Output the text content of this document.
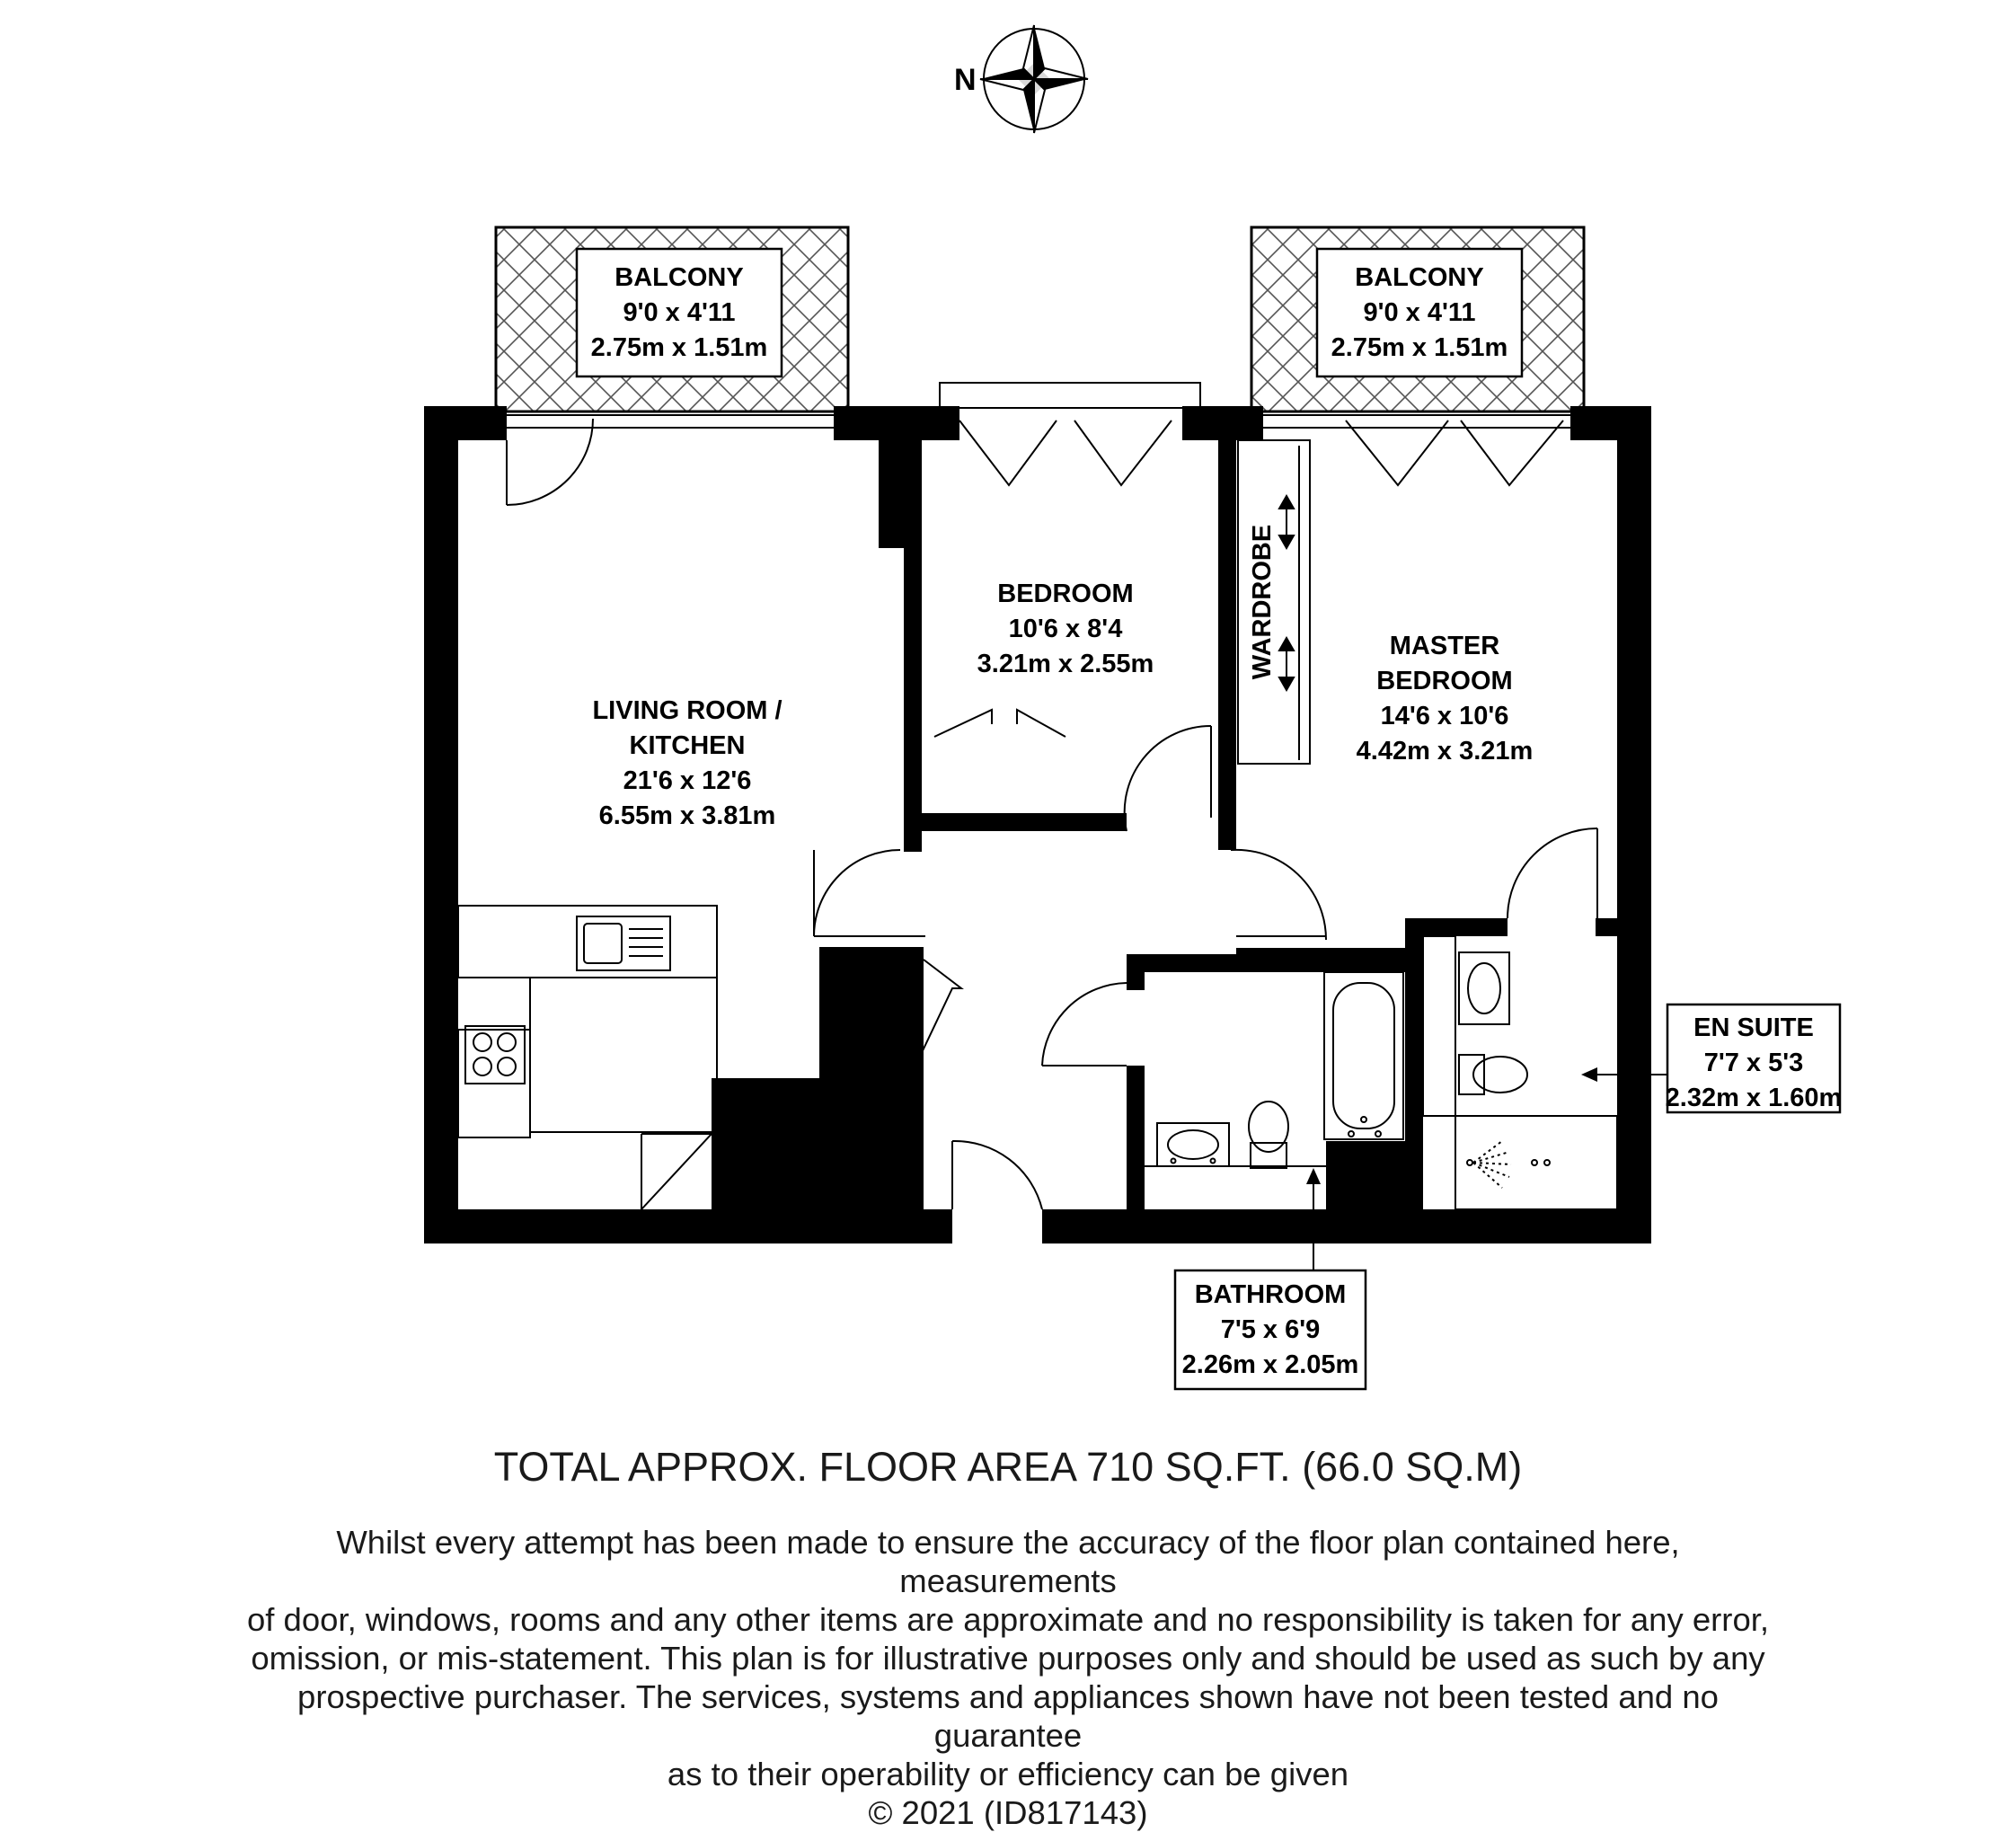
N
BALCONY
9'0 x 4'11
2.75m x 1.51m
BALCONY
9'0 x 4'11
2.75m x 1.51m
WARDROBE
BEDROOM
10'6 x 8'4
3.21m x 2.55m
LIVING ROOM /
KITCHEN
21'6 x 12'6
6.55m x 3.81m
MASTER
BEDROOM
14'6 x 10'6
4.42m x 3.21m
EN SUITE
7'7 x 5'3
2.32m x 1.60m
BATHROOM
7'5 x 6'9
2.26m x 2.05m
TOTAL APPROX. FLOOR AREA 710 SQ.FT. (66.0 SQ.M)

Whilst every attempt has been made to ensure the accuracy of the floor plan contained here, measurements

of door, windows, rooms and any other items are approximate and no responsibility is taken for any error,

omission, or mis-statement. This plan is for illustrative purposes only and should be used as such by any

prospective purchaser. The services, systems and appliances shown have not been tested and no guarantee

as to their operability or efficiency can be given

© 2021 (ID817143)
